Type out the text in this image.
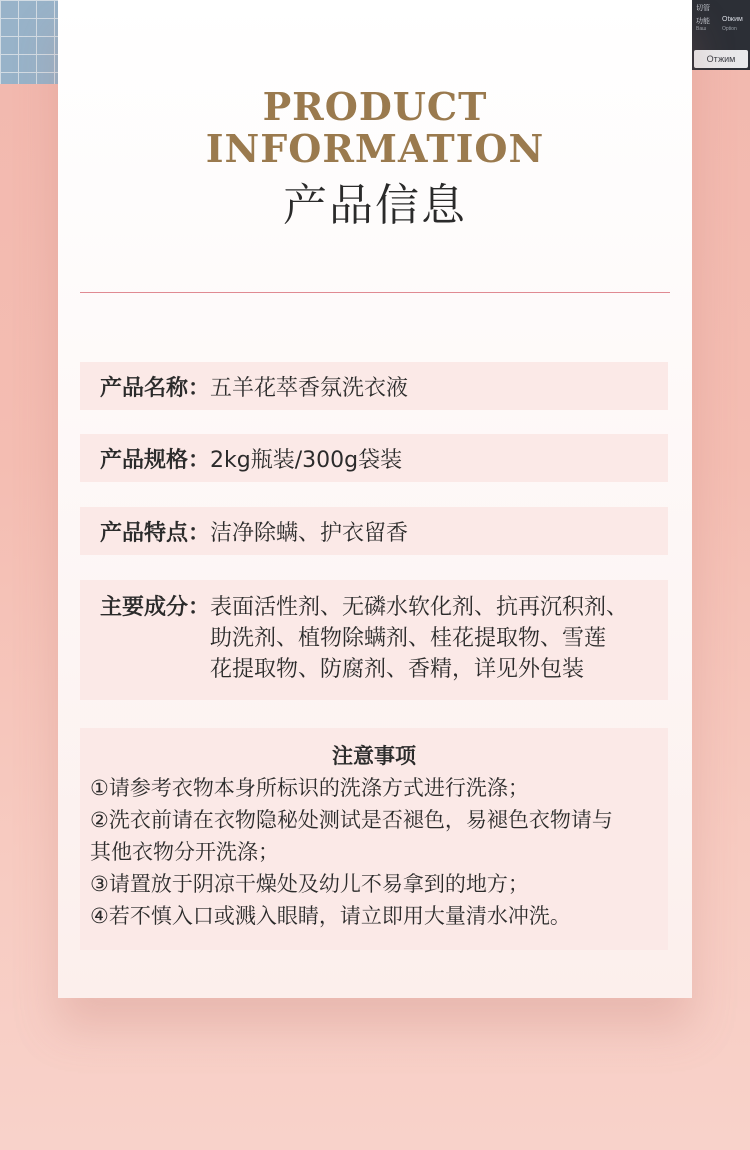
切管
功能 Otжим
Ваш	Option
Отжим
PRODUCT
INFORMATION
产品信息
产品名称： 五羊花萃香氛洗衣液
产品规格： 2kg瓶装/300g袋装
产品特点： 洁净除螨、护衣留香
主要成分： 表面活性剂、无磷水软化剂、抗再沉积剂、
助洗剂、植物除螨剂、桂花提取物、雪莲
花提取物、防腐剂、香精，详见外包装
注意事项
①请参考衣物本身所标识的洗涤方式进行洗涤；
②洗衣前请在衣物隐秘处测试是否褪色，易褪色衣物请与
其他衣物分开洗涤；
③请置放于阴凉干燥处及幼儿不易拿到的地方；
④若不慎入口或溅入眼睛，请立即用大量清水冲洗。
